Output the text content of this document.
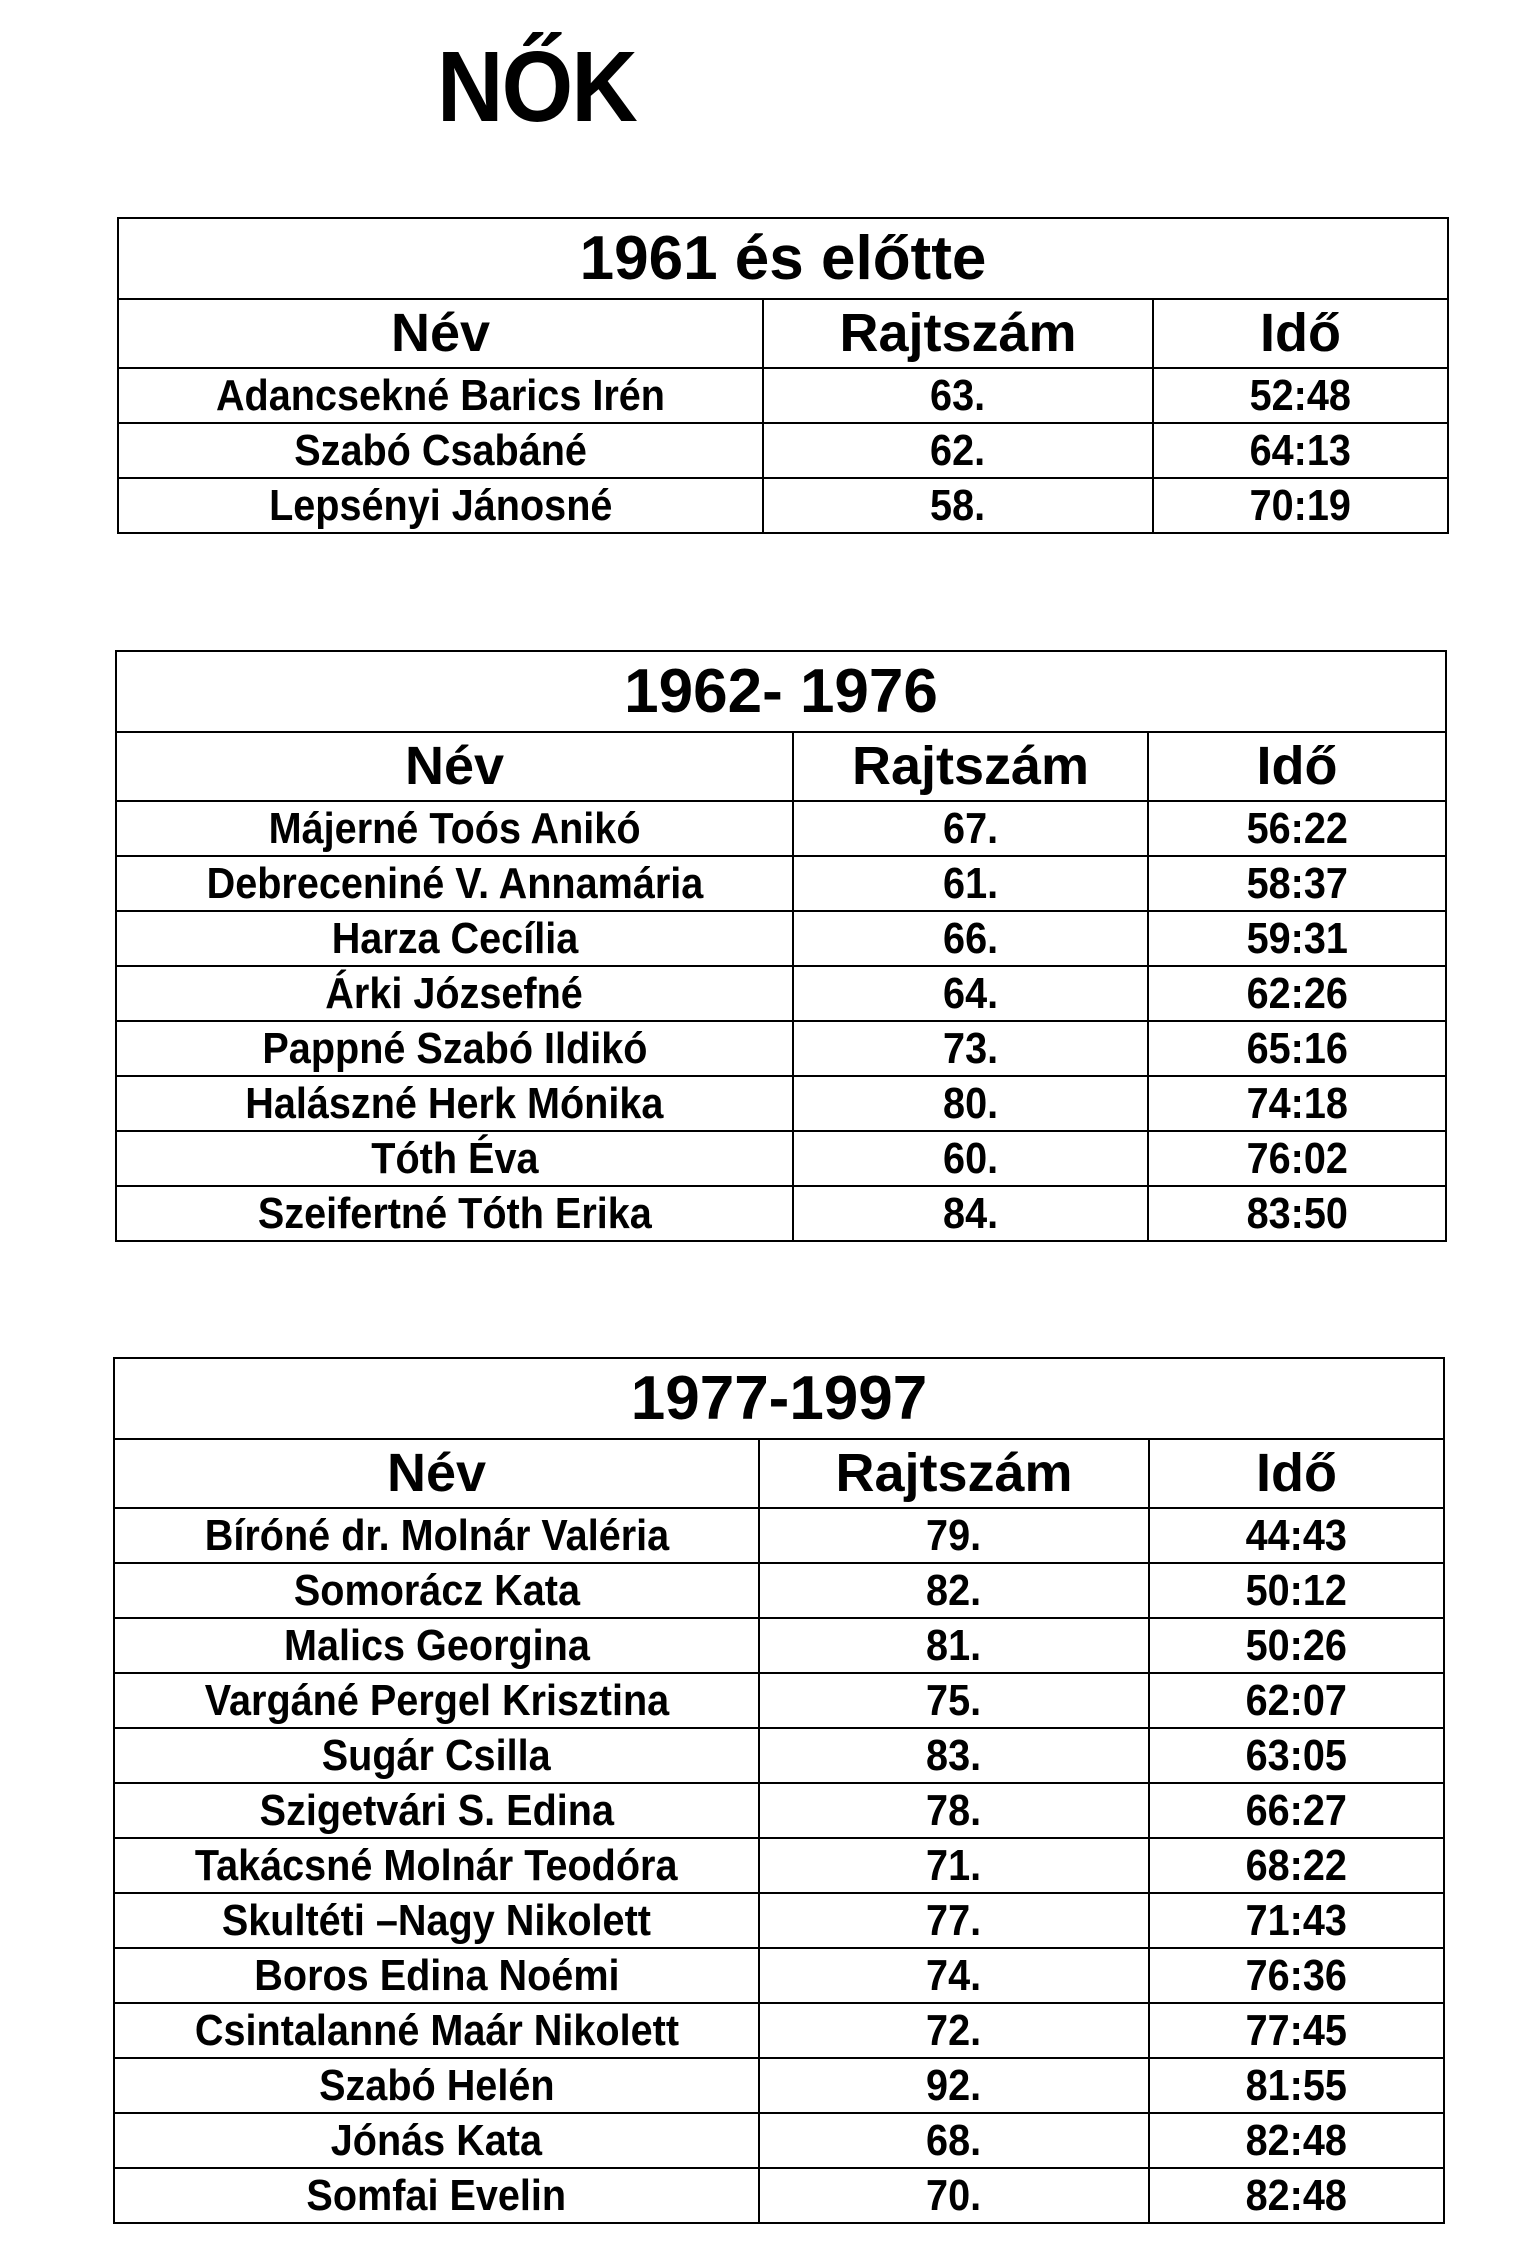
NŐK
1961 és előtte		
Név	Rajtszám	Idő
Adancsekné Barics Irén	63.	52:48
Szabó Csabáné	62.	64:13
Lepsényi Jánosné	58.	70:19
1962- 1976		
Név	Rajtszám	Idő
Májerné Toós Anikó	67.	56:22
Debreceniné V. Annamária	61.	58:37
Harza Cecília	66.	59:31
Árki Józsefné	64.	62:26
Pappné Szabó Ildikó	73.	65:16
Halászné Herk Mónika	80.	74:18
Tóth Éva	60.	76:02
Szeifertné Tóth Erika	84.	83:50
1977-1997		
Név	Rajtszám	Idő
Bíróné dr. Molnár Valéria	79.	44:43
Somorácz Kata	82.	50:12
Malics Georgina	81.	50:26
Vargáné Pergel Krisztina	75.	62:07
Sugár Csilla	83.	63:05
Szigetvári S. Edina	78.	66:27
Takácsné Molnár Teodóra	71.	68:22
Skultéti –Nagy Nikolett	77.	71:43
Boros Edina Noémi	74.	76:36
Csintalanné Maár Nikolett	72.	77:45
Szabó Helén	92.	81:55
Jónás Kata	68.	82:48
Somfai Evelin	70.	82:48
